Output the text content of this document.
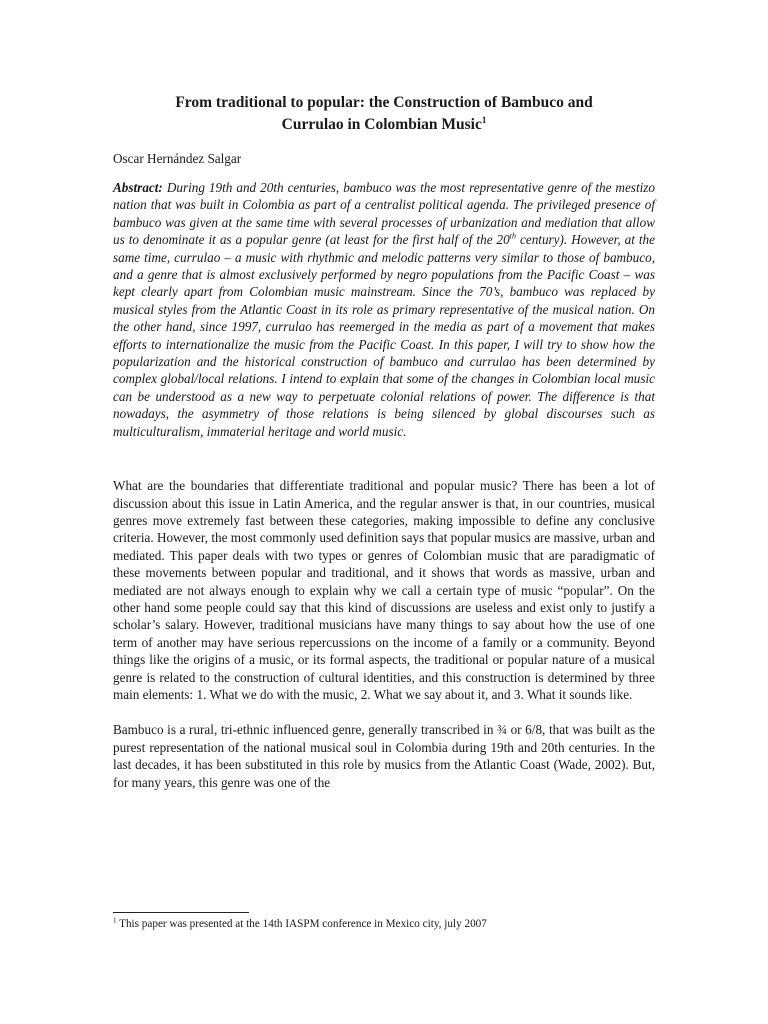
From traditional to popular: the Construction of Bambuco and
Currulao in Colombian Music$^1$

Oscar Hernández Salgar

Abstract: During 19th and 20th centuries, bambuco was the most representative genre of the mestizo nation that was built in Colombia as part of a centralist political agenda. The privileged presence of bambuco was given at the same time with several processes of urbanization and mediation that allow us to denominate it as a popular genre (at least for the first half of the 20th century). However, at the same time, currulao – a music with rhythmic and melodic patterns very similar to those of bambuco, and a genre that is almost exclusively performed by negro populations from the Pacific Coast – was kept clearly apart from Colombian music mainstream. Since the 70’s, bambuco was replaced by musical styles from the Atlantic Coast in its role as primary representative of the musical nation. On the other hand, since 1997, currulao has reemerged in the media as part of a movement that makes efforts to internationalize the music from the Pacific Coast. In this paper, I will try to show how the popularization and the historical construction of bambuco and currulao has been determined by complex global/local relations. I intend to explain that some of the changes in Colombian local music can be understood as a new way to perpetuate colonial relations of power. The difference is that nowadays, the asymmetry of those relations is being silenced by global discourses such as multiculturalism, immaterial heritage and world music.

What are the boundaries that differentiate traditional and popular music? There has been a lot of discussion about this issue in Latin America, and the regular answer is that, in our countries, musical genres move extremely fast between these categories, making impossible to define any conclusive criteria. However, the most commonly used definition says that popular musics are massive, urban and mediated. This paper deals with two types or genres of Colombian music that are paradigmatic of these movements between popular and traditional, and it shows that words as massive, urban and mediated are not always enough to explain why we call a certain type of music “popular”. On the other hand some people could say that this kind of discussions are useless and exist only to justify a scholar’s salary. However, traditional musicians have many things to say about how the use of one term of another may have serious repercussions on the income of a family or a community. Beyond things like the origins of a music, or its formal aspects, the traditional or popular nature of a musical genre is related to the construction of cultural identities, and this construction is determined by three main elements: 1. What we do with the music, 2. What we say about it, and 3. What it sounds like.

Bambuco is a rural, tri-ethnic influenced genre, generally transcribed in ¾ or 6/8, that was built as the purest representation of the national musical soul in Colombia during 19th and 20th centuries. In the last decades, it has been substituted in this role by musics from the Atlantic Coast (Wade, 2002). But, for many years, this genre was one of the

$^1$ This paper was presented at the 14th IASPM conference in Mexico city, july 2007
